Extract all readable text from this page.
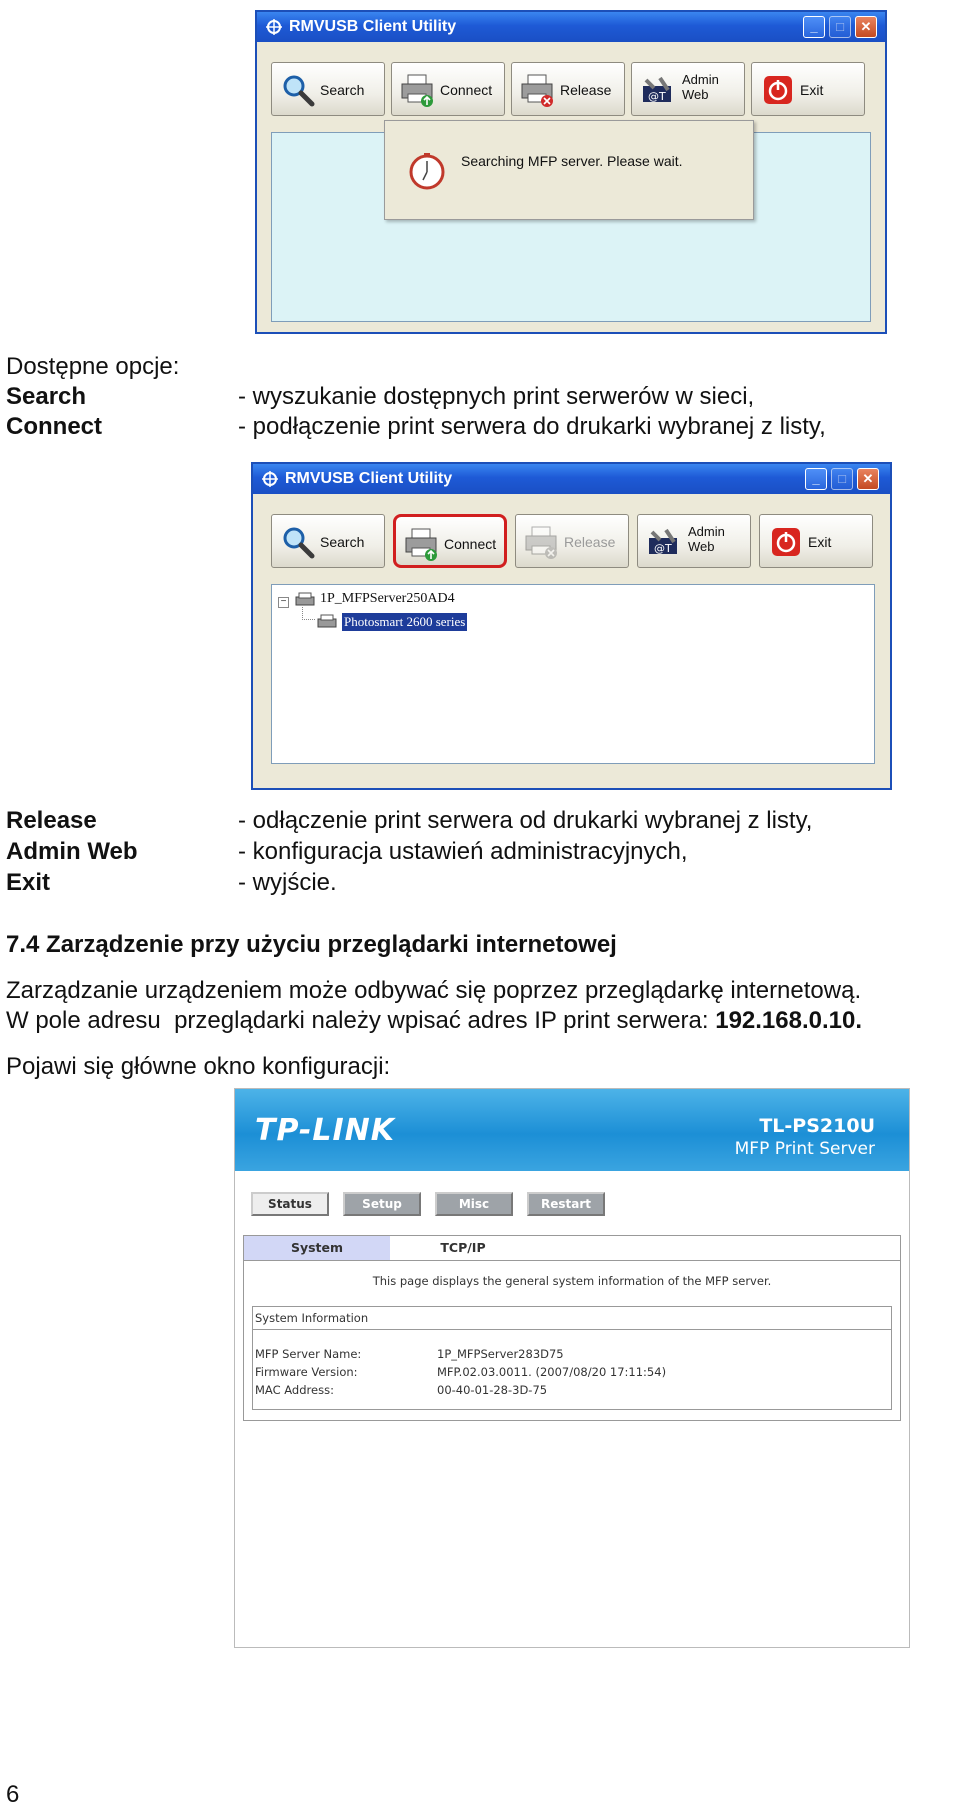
RMVUSB Client Utility	_	□	✕
Search	Connect	Release	@T
Admin
Web	Exit
Searching MFP server. Please wait.
Dostępne opcje:
Search	- wyszukanie dostępnych print serwerów w sieci,
Connect	- podłączenie print serwera do drukarki wybranej z listy,
RMVUSB Client Utility	_	□	✕
Search	Connect	Release	@T
Admin
Web	Exit
− 1P_MFPServer250AD4
Photosmart 2600 series
Release	- odłączenie print serwera od drukarki wybranej z listy,
Admin Web	- konfiguracja ustawień administracyjnych,
Exit	- wyjście.
7.4 Zarządzenie przy użyciu przeglądarki internetowej
Zarządzanie urządzeniem może odbywać się poprzez przeglądarkę internetową.
W pole adresu  przeglądarki należy wpisać adres IP print serwera: 192.168.0.10.
Pojawi się główne okno konfiguracji:
TP-LINK	TL-PS210U
MFP Print Server
Status	Setup	Misc	Restart
System	TCP/IP
This page displays the general system information of the MFP server.
System Information
MFP Server Name:	1P_MFPServer283D75
Firmware Version:	MFP.02.03.0011. (2007/08/20 17:11:54)
MAC Address:	00-40-01-28-3D-75
6
